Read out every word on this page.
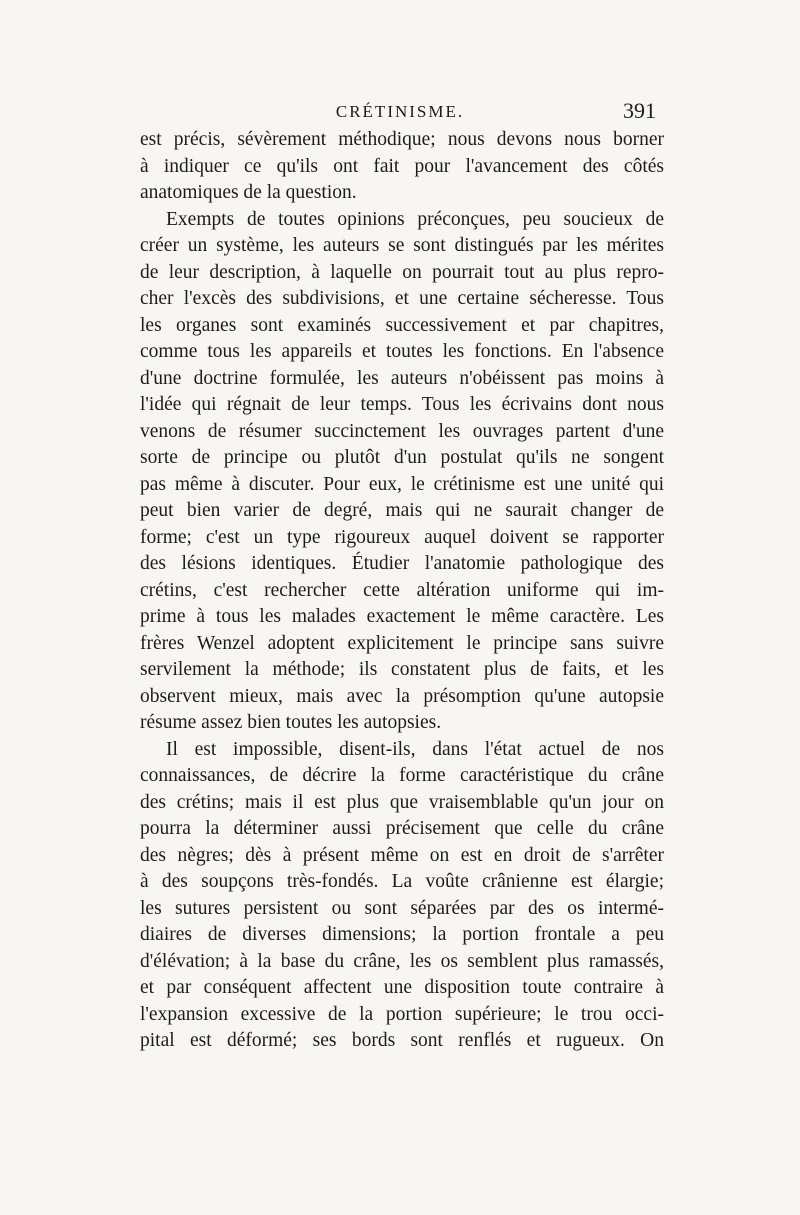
CRÉTINISME.	391
est précis, sévèrement méthodique; nous devons nous borner
à indiquer ce qu'ils ont fait pour l'avancement des côtés
anatomiques de la question.
Exempts de toutes opinions préconçues, peu soucieux de
créer un système, les auteurs se sont distingués par les mérites
de leur description, à laquelle on pourrait tout au plus repro-
cher l'excès des subdivisions, et une certaine sécheresse. Tous
les organes sont examinés successivement et par chapitres,
comme tous les appareils et toutes les fonctions. En l'absence
d'une doctrine formulée, les auteurs n'obéissent pas moins à
l'idée qui régnait de leur temps. Tous les écrivains dont nous
venons de résumer succinctement les ouvrages partent d'une
sorte de principe ou plutôt d'un postulat qu'ils ne songent
pas même à discuter. Pour eux, le crétinisme est une unité qui
peut bien varier de degré, mais qui ne saurait changer de
forme; c'est un type rigoureux auquel doivent se rapporter
des lésions identiques. Étudier l'anatomie pathologique des
crétins, c'est rechercher cette altération uniforme qui im-
prime à tous les malades exactement le même caractère. Les
frères Wenzel adoptent explicitement le principe sans suivre
servilement la méthode; ils constatent plus de faits, et les
observent mieux, mais avec la présomption qu'une autopsie
résume assez bien toutes les autopsies.
Il est impossible, disent-ils, dans l'état actuel de nos
connaissances, de décrire la forme caractéristique du crâne
des crétins; mais il est plus que vraisemblable qu'un jour on
pourra la déterminer aussi précisement que celle du crâne
des nègres; dès à présent même on est en droit de s'arrêter
à des soupçons très-fondés. La voûte crânienne est élargie;
les sutures persistent ou sont séparées par des os intermé-
diaires de diverses dimensions; la portion frontale a peu
d'élévation; à la base du crâne, les os semblent plus ramassés,
et par conséquent affectent une disposition toute contraire à
l'expansion excessive de la portion supérieure; le trou occi-
pital est déformé; ses bords sont renflés et rugueux. On
